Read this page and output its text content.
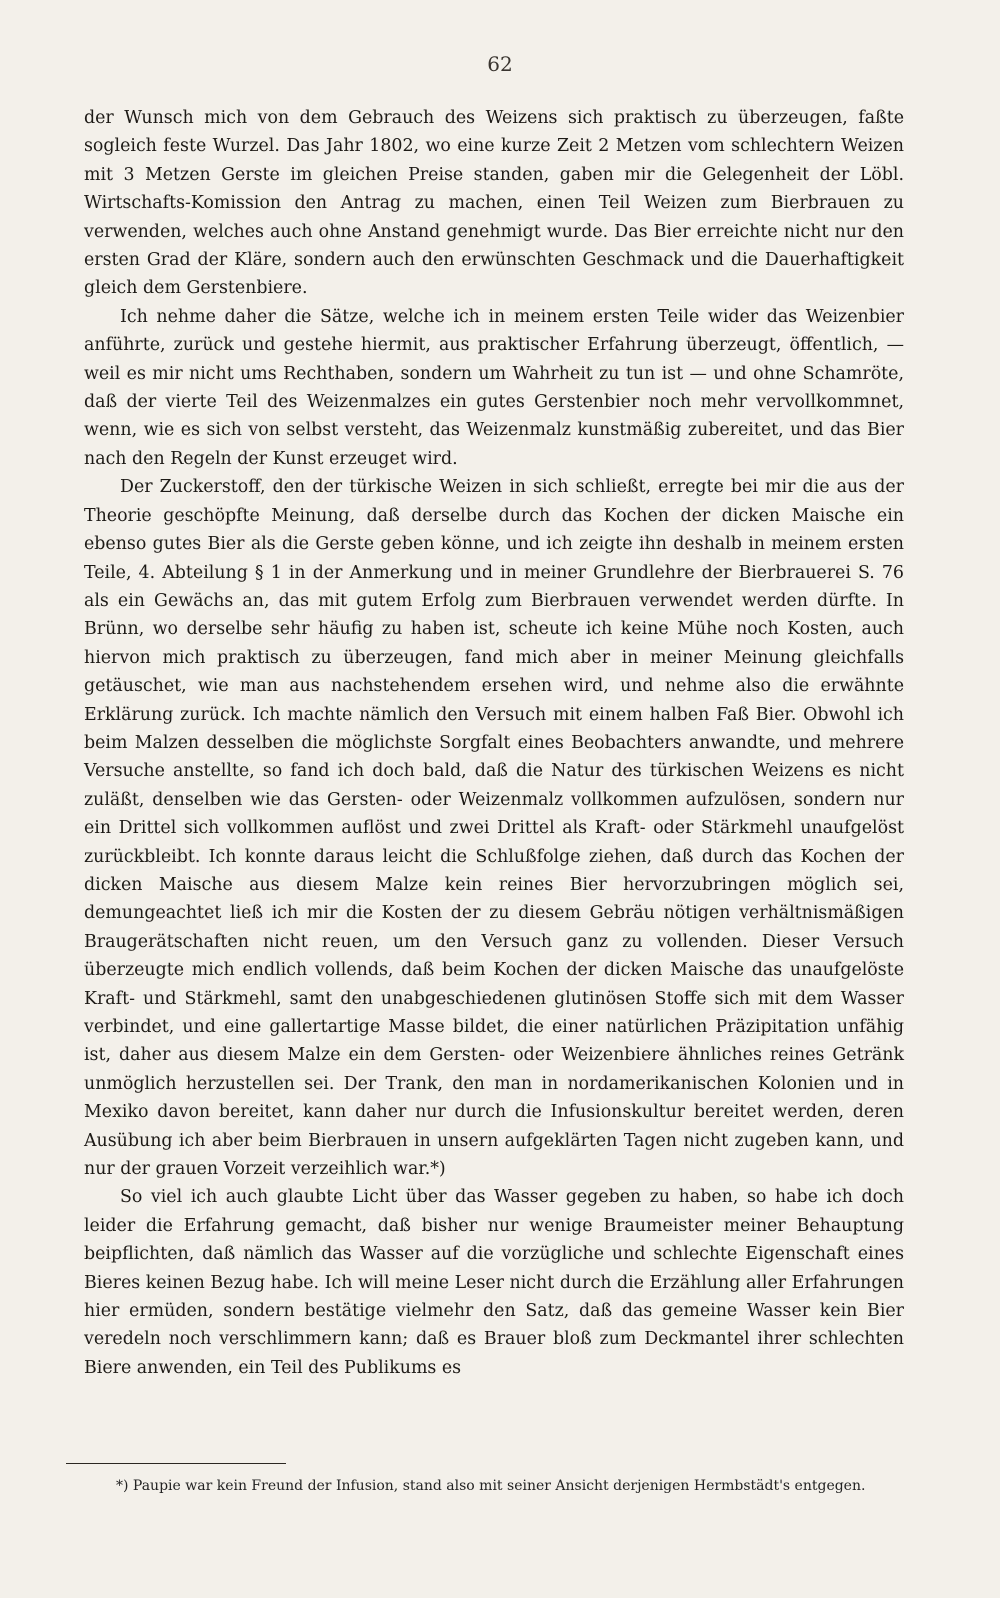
62

der Wunsch mich von dem Gebrauch des Weizens sich praktisch zu überzeugen, faßte sogleich feste Wurzel. Das Jahr 1802, wo eine kurze Zeit 2 Metzen vom schlechtern Weizen mit 3 Metzen Gerste im gleichen Preise standen, gaben mir die Gelegenheit der Löbl. Wirtschafts-Komission den Antrag zu machen, einen Teil Weizen zum Bierbrauen zu verwenden, welches auch ohne Anstand genehmigt wurde. Das Bier erreichte nicht nur den ersten Grad der Kläre, sondern auch den erwünschten Geschmack und die Dauerhaftigkeit gleich dem Gerstenbiere.

Ich nehme daher die Sätze, welche ich in meinem ersten Teile wider das Weizenbier anführte, zurück und gestehe hiermit, aus praktischer Erfahrung überzeugt, öffentlich, — weil es mir nicht ums Rechthaben, sondern um Wahrheit zu tun ist — und ohne Schamröte, daß der vierte Teil des Weizenmalzes ein gutes Gerstenbier noch mehr vervollkommnet, wenn, wie es sich von selbst versteht, das Weizenmalz kunstmäßig zubereitet, und das Bier nach den Regeln der Kunst erzeuget wird.

Der Zuckerstoff, den der türkische Weizen in sich schließt, erregte bei mir die aus der Theorie geschöpfte Meinung, daß derselbe durch das Kochen der dicken Maische ein ebenso gutes Bier als die Gerste geben könne, und ich zeigte ihn deshalb in meinem ersten Teile, 4. Abteilung § 1 in der Anmerkung und in meiner Grundlehre der Bierbrauerei S. 76 als ein Gewächs an, das mit gutem Erfolg zum Bierbrauen verwendet werden dürfte. In Brünn, wo derselbe sehr häufig zu haben ist, scheute ich keine Mühe noch Kosten, auch hiervon mich praktisch zu überzeugen, fand mich aber in meiner Meinung gleichfalls getäuschet, wie man aus nachstehendem ersehen wird, und nehme also die erwähnte Erklärung zurück. Ich machte nämlich den Versuch mit einem halben Faß Bier. Obwohl ich beim Malzen desselben die möglichste Sorgfalt eines Beobachters anwandte, und mehrere Versuche anstellte, so fand ich doch bald, daß die Natur des türkischen Weizens es nicht zuläßt, denselben wie das Gersten- oder Weizenmalz vollkommen aufzulösen, sondern nur ein Drittel sich vollkommen auflöst und zwei Drittel als Kraft- oder Stärkmehl unaufgelöst zurückbleibt. Ich konnte daraus leicht die Schlußfolge ziehen, daß durch das Kochen der dicken Maische aus diesem Malze kein reines Bier hervorzubringen möglich sei, demungeachtet ließ ich mir die Kosten der zu diesem Gebräu nötigen verhältnismäßigen Braugerätschaften nicht reuen, um den Versuch ganz zu vollenden. Dieser Versuch überzeugte mich endlich vollends, daß beim Kochen der dicken Maische das unaufgelöste Kraft- und Stärkmehl, samt den unabgeschiedenen glutinösen Stoffe sich mit dem Wasser verbindet, und eine gallertartige Masse bildet, die einer natürlichen Präzipitation unfähig ist, daher aus diesem Malze ein dem Gersten- oder Weizenbiere ähnliches reines Getränk unmöglich herzustellen sei. Der Trank, den man in nordamerikanischen Kolonien und in Mexiko davon bereitet, kann daher nur durch die Infusionskultur bereitet werden, deren Ausübung ich aber beim Bierbrauen in unsern aufgeklärten Tagen nicht zugeben kann, und nur der grauen Vorzeit verzeihlich war.*)

So viel ich auch glaubte Licht über das Wasser gegeben zu haben, so habe ich doch leider die Erfahrung gemacht, daß bisher nur wenige Braumeister meiner Behauptung beipflichten, daß nämlich das Wasser auf die vorzügliche und schlechte Eigenschaft eines Bieres keinen Bezug habe. Ich will meine Leser nicht durch die Erzählung aller Erfahrungen hier ermüden, sondern bestätige vielmehr den Satz, daß das gemeine Wasser kein Bier veredeln noch verschlimmern kann; daß es Brauer bloß zum Deckmantel ihrer schlechten Biere anwenden, ein Teil des Publikums es

*) Paupie war kein Freund der Infusion, stand also mit seiner Ansicht derjenigen Hermbstädt's entgegen.
